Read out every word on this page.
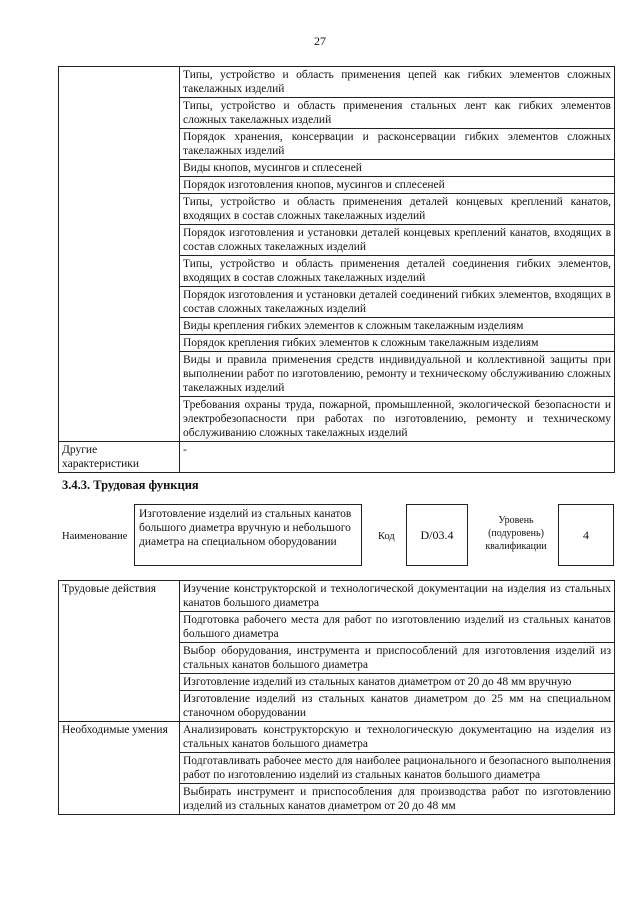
27
	Типы, устройство и область применения цепей как гибких элементов сложных такелажных изделий
	Типы, устройство и область применения стальных лент как гибких элементов сложных такелажных изделий
	Порядок хранения, консервации и расконсервации гибких элементов сложных такелажных изделий
	Виды кнопов, мусингов и сплесеней
	Порядок изготовления кнопов, мусингов и сплесеней
	Типы, устройство и область применения деталей концевых креплений канатов, входящих в состав сложных такелажных изделий
	Порядок изготовления и установки деталей концевых креплений канатов, входящих в состав сложных такелажных изделий
	Типы, устройство и область применения деталей соединения гибких элементов, входящих в состав сложных такелажных изделий
	Порядок изготовления и установки деталей соединений гибких элементов, входящих в состав сложных такелажных изделий
	Виды крепления гибких элементов к сложным такелажным изделиям
	Порядок крепления гибких элементов к сложным такелажным изделиям
	Виды и правила применения средств индивидуальной и коллективной защиты при выполнении работ по изготовлению, ремонту и техническому обслуживанию сложных такелажных изделий
	Требования охраны труда, пожарной, промышленной, экологической безопасности и электробезопасности при работах по изготовлению, ремонту и техническому обслуживанию сложных такелажных изделий
Другие характеристики	-
3.4.3. Трудовая функция
Наименование
Изготовление изделий из стальных канатов большого диаметра вручную и небольшого диаметра на специальном оборудовании	Код D/03.4
Уровень (подуровень) квалификации
4
Трудовые действия	Изучение конструкторской и технологической документации на изделия из стальных канатов большого диаметра
	Подготовка рабочего места для работ по изготовлению изделий из стальных канатов большого диаметра
	Выбор оборудования, инструмента и приспособлений для изготовления изделий из стальных канатов большого диаметра
	Изготовление изделий из стальных канатов диаметром от 20 до 48 мм вручную
	Изготовление изделий из стальных канатов диаметром до 25 мм на специальном станочном оборудовании
Необходимые умения	Анализировать конструкторскую и технологическую документацию на изделия из стальных канатов большого диаметра
	Подготавливать рабочее место для наиболее рационального и безопасного выполнения работ по изготовлению изделий из стальных канатов большого диаметра
	Выбирать инструмент и приспособления для производства работ по изготовлению изделий из стальных канатов диаметром от 20 до 48 мм
